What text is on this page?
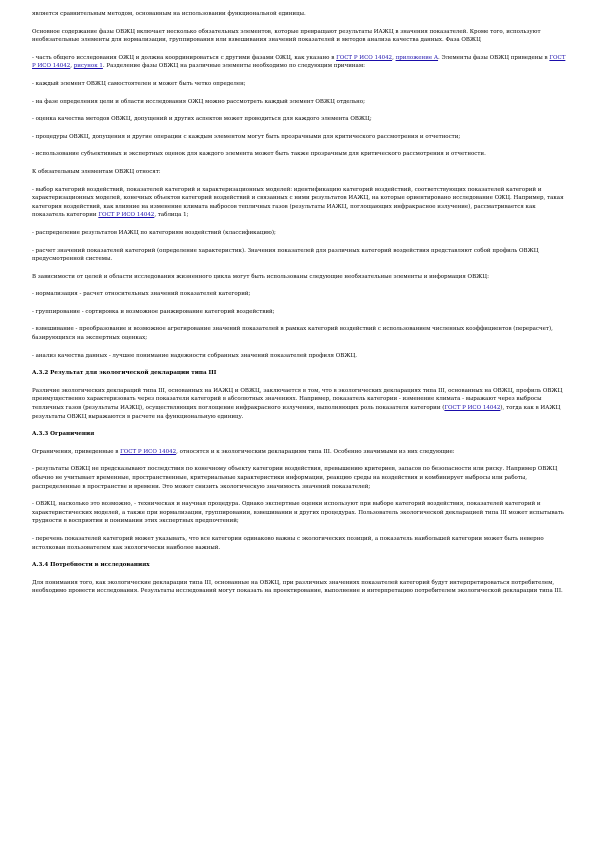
является сравнительным методом, основанным на использовании функциональной единицы.

Основное содержание фазы ОВЖЦ включает несколько обязательных элементов, которые превращают результаты ИАЖЦ в значения показателей. Кроме того, используют необязательные элементы для нормализации, группирования или взвешивания значений показателей и методов анализа качества данных. Фаза ОВЖЦ

- часть общего исследования ОЖЦ и должна координироваться с другими фазами ОЖЦ, как указано в ГОСТ Р ИСО 14042, приложение А. Элементы фазы ОВЖЦ приведены в ГОСТ Р ИСО 14042, рисунок 1. Разделение фазы ОВЖЦ на различные элементы необходимо по следующим причинам:

- каждый элемент ОВЖЦ самостоятелен и может быть четко определен;

- на фазе определения цели и области исследования ОЖЦ можно рассмотреть каждый элемент ОВЖЦ отдельно;

- оценка качества методов ОВЖЦ, допущений и других аспектов может проводиться для каждого элемента ОВЖЦ;

- процедуры ОВЖЦ, допущения и другие операции с каждым элементом могут быть прозрачными для критического рассмотрения и отчетности;

- использование субъективных и экспертных оценок для каждого элемента может быть также прозрачным для критического рассмотрения и отчетности.

К обязательным элементам ОВЖЦ относят:

- выбор категорий воздействий, показателей категорий и характеризационных моделей: идентификацию категорий воздействий, соответствующих показателей категорий и характеризационных моделей, конечных объектов категорий воздействий и связанных с ними результатов ИАЖЦ, на которые ориентировано исследование ОЖЦ. Например, такая категория воздействий, как влияние на изменение климата выбросов тепличных газов (результаты ИАЖЦ, поглощающих инфракрасное излучение), рассматривается как показатель категории ГОСТ Р ИСО 14042, таблица 1;

- распределение результатов ИАЖЦ по категориям воздействий (классификацию);

- расчет значений показателей категорий (определение характеристик). Значения показателей для различных категорий воздействия представляют собой профиль ОВЖЦ предусмотренной системы.

В зависимости от целей и области исследования жизненного цикла могут быть использованы следующие необязательные элементы и информация ОВЖЦ:

- нормализация - расчет относительных значений показателей категорий;

- группирование - сортировка и возможное ранжирование категорий воздействий;

- взвешивание - преобразование и возможное агрегирование значений показателей в рамках категорий воздействий с использованием численных коэффициентов (перерасчет), базирующихся на экспертных оценках;

- анализ качества данных - лучшее понимание надежности собранных значений показателей профиля ОВЖЦ.

А.3.2 Результат для экологической декларации типа III

Различие экологических деклараций типа III, основанных на ИАЖЦ и ОВЖЦ, заключается в том, что в экологических декларациях типа III, основанных на ОВЖЦ, профиль ОВЖЦ преимущественно характеризовать через показатели категорий в абсолютных значениях. Например, показатель категории - изменение климата - выражают через выбросы тепличных газов (результаты ИАЖЦ), осуществляющих поглощение инфракрасного излучения, выполняющих роль показателя категории (ГОСТ Р ИСО 14042), тогда как в ИАЖЦ результаты ОВЖЦ выражаются в расчете на функциональную единицу.

А.3.3 Ограничения

Ограничения, приведенные в ГОСТ Р ИСО 14042, относятся и к экологическим декларациям типа III. Особенно значимыми из них следующие:

- результаты ОВЖЦ не предсказывают последствия по конечному объекту категории воздействия, превышению критериев, запасов по безопасности или риску. Например ОВЖЦ обычно не учитывает временные, пространственные, критериальные характеристики информации, реакцию среды на воздействия и комбинирует выбросы или работы, распределенные в пространстве и времени. Это может снизить экологическую значимость значений показателей;

- ОВЖЦ, насколько это возможно, - техническая и научная процедура. Однако экспертные оценки используют при выборе категорий воздействия, показателей категорий и характеристических моделей, а также при нормализации, группировании, взвешивании и других процедурах. Пользователь экологической декларацией типа III может испытывать трудности в восприятии и понимании этих экспертных предпочтений;

- перечень показателей категорий может указывать, что все категории одинаково важны с экологических позиций, а показатель наибольшей категории может быть неверно истолкован пользователем как экологически наиболее важный.

А.3.4 Потребности в исследованиях

Для понимания того, как экологические декларации типа III, основанные на ОВЖЦ, при различных значениях показателей категорий будут интерпретироваться потребителем, необходимо провести исследования. Результаты исследований могут показать на проектирование, выполнение и интерпретацию потребителем экологической декларации типа III.
